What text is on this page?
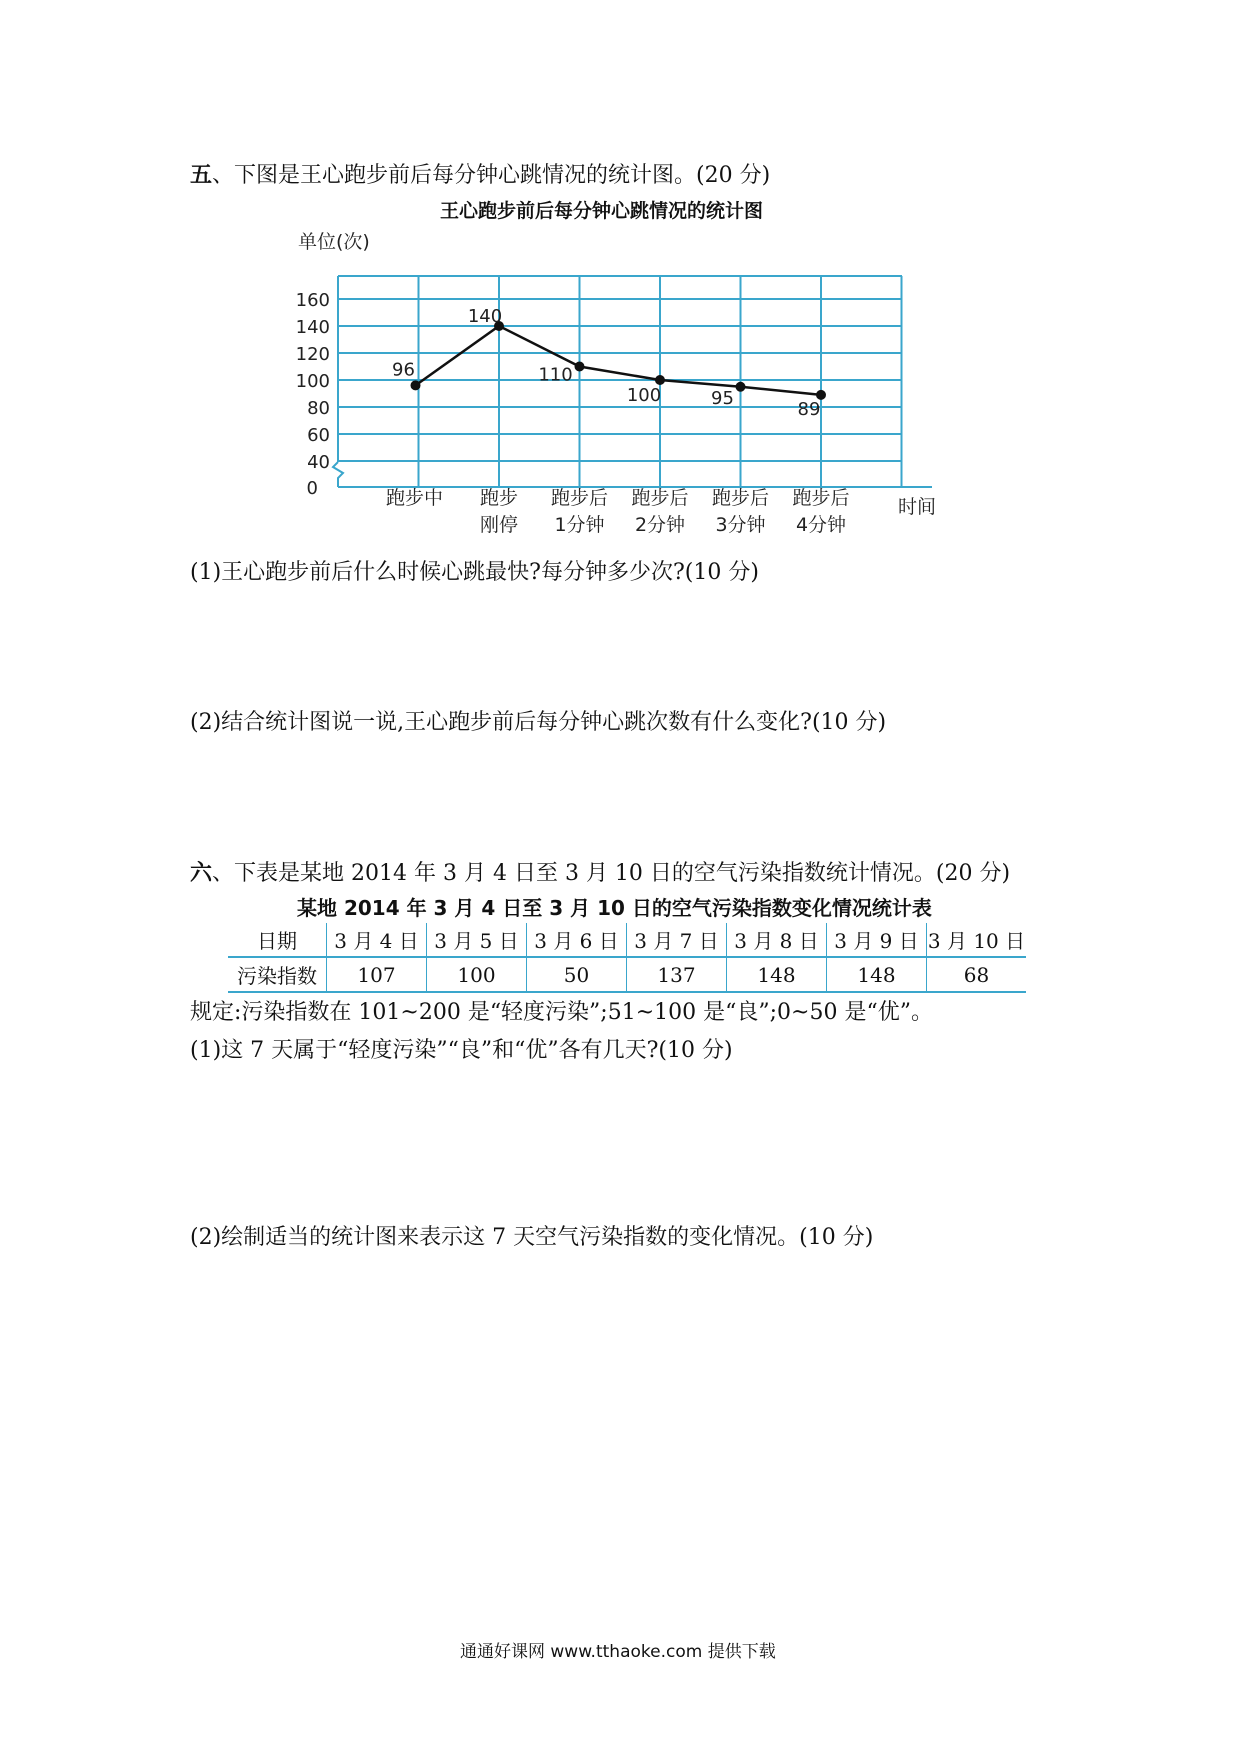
五、下图是王心跑步前后每分钟心跳情况的统计图。(20 分)
王心跑步前后每分钟心跳情况的统计图
单位(次)
0
40
60
80
100
120
140
160
跑步中 跑步
刚停
跑步后
1分钟
跑步后
2分钟
跑步后
3分钟
跑步后
4分钟
96
140
110
100	95
89
时间
(1)王心跑步前后什么时候心跳最快?每分钟多少次?(10 分)
(2)结合统计图说一说,王心跑步前后每分钟心跳次数有什么变化?(10 分)
六、下表是某地 2014 年 3 月 4 日至 3 月 10 日的空气污染指数统计情况。(20 分)
某地 2014 年 3 月 4 日至 3 月 10 日的空气污染指数变化情况统计表
日期	3 月 4 日	3 月 5 日	3 月 6 日	3 月 7 日	3 月 8 日	3 月 9 日	3 月 10 日
污染指数	107	100	50	137	148	148	68
规定:污染指数在 101~200 是“轻度污染”;51~100 是“良”;0~50 是“优”。
(1)这 7 天属于“轻度污染”“良”和“优”各有几天?(10 分)
(2)绘制适当的统计图来表示这 7 天空气污染指数的变化情况。(10 分)
通通好课网 www.tthaoke.com 提供下载
